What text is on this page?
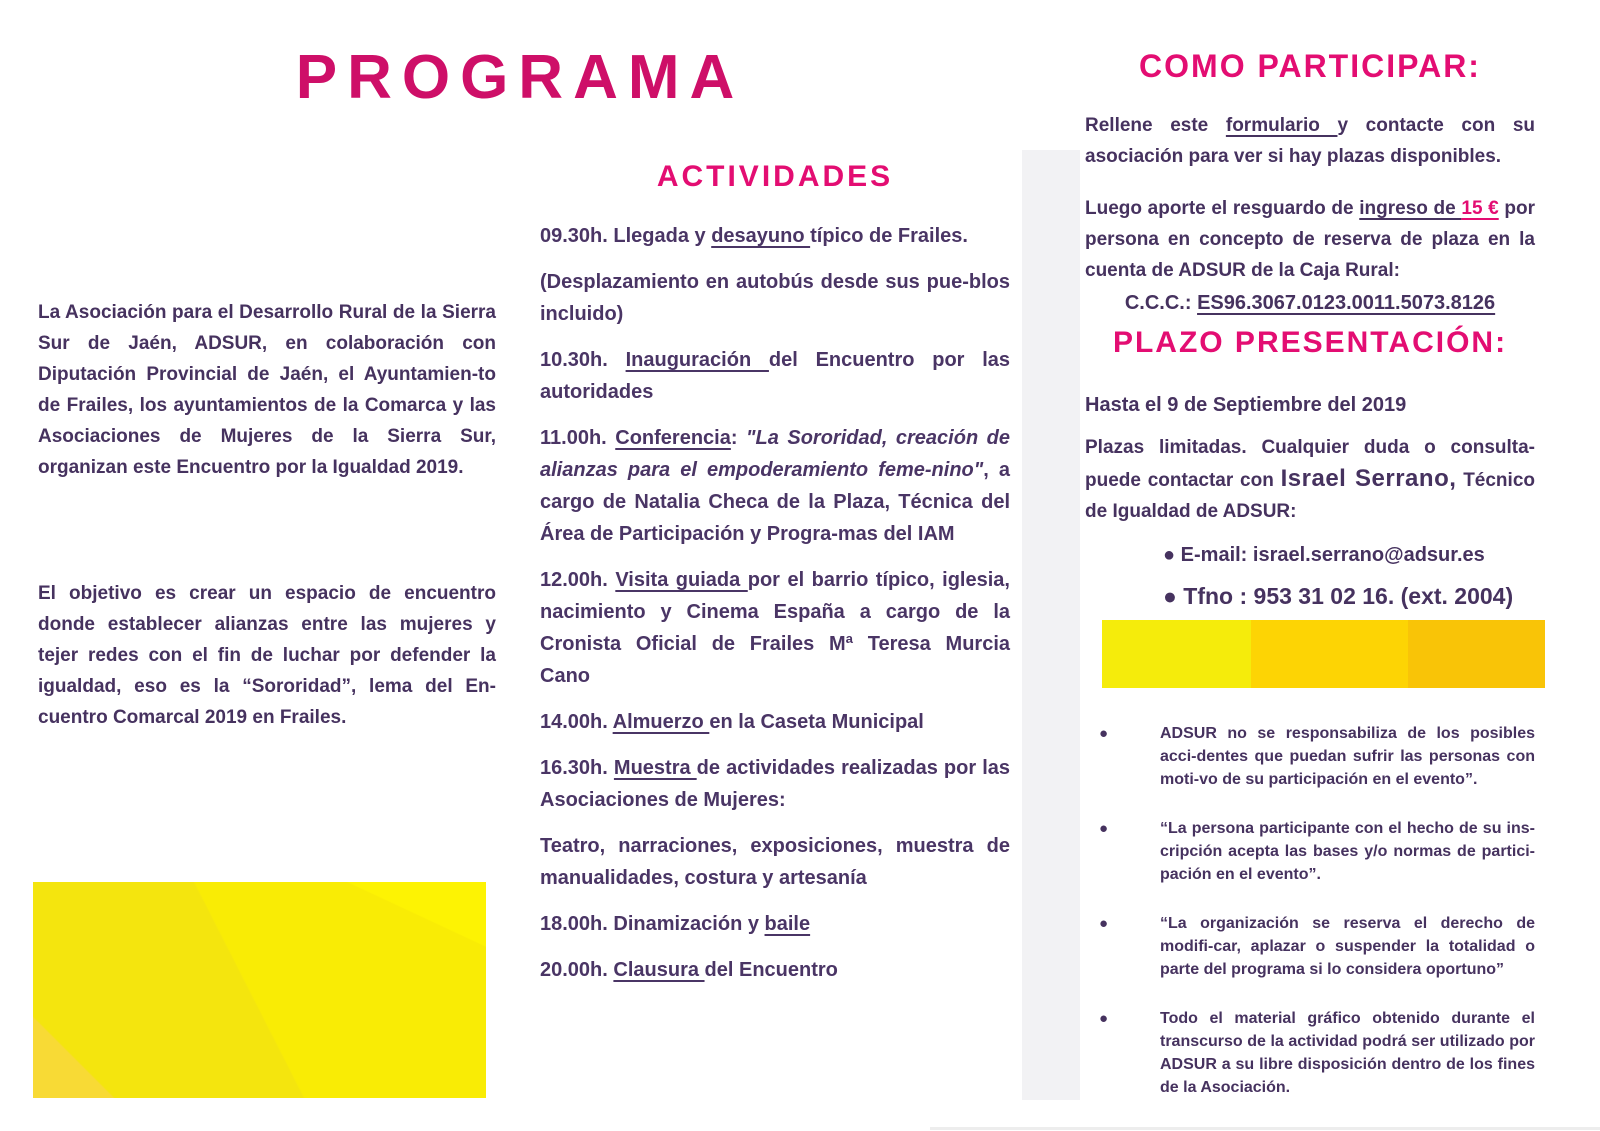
PROGRAMA

La Asociación para el Desarrollo Rural de la Sierra Sur de Jaén, ADSUR, en colaboración con Diputación Provincial de Jaén, el Ayuntamien-to de Frailes, los ayuntamientos de la Comarca y las Asociaciones de Mujeres de la Sierra Sur, organizan este Encuentro por la Igualdad 2019.

El objetivo es crear un espacio de encuentro donde establecer alianzas entre las mujeres y tejer redes con el fin de luchar por defender la igualdad, eso es la “Sororidad”, lema del En-cuentro Comarcal 2019 en Frailes.

ACTIVIDADES

09.30h. Llegada y desayuno típico de Frailes.

(Desplazamiento en autobús desde sus pue-blos incluido)

10.30h. Inauguración del Encuentro por las autoridades

11.00h. Conferencia: "La Sororidad, creación de alianzas para el empoderamiento feme-nino", a cargo de Natalia Checa de la Plaza, Técnica del Área de Participación y Progra-mas del IAM

12.00h. Visita guiada por el barrio típico, iglesia, nacimiento y Cinema España a cargo de la Cronista Oficial de Frailes Mª Teresa Murcia Cano

14.00h. Almuerzo en la Caseta Municipal

16.30h. Muestra de actividades realizadas por las Asociaciones de Mujeres:

Teatro, narraciones, exposiciones, muestra de manualidades, costura y artesanía

18.00h. Dinamización y baile

20.00h. Clausura del Encuentro

COMO PARTICIPAR:

Rellene este formulario y contacte con su asociación para ver si hay plazas disponibles.

Luego aporte el resguardo de ingreso de 15 € por persona en concepto de reserva de plaza en la cuenta de ADSUR de la Caja Rural:

C.C.C.: ES96.3067.0123.0011.5073.8126

PLAZO PRESENTACIÓN:

Hasta el 9 de Septiembre del 2019

Plazas limitadas. Cualquier duda o consulta-puede contactar con Israel Serrano, Técnico de Igualdad de ADSUR:

● E-mail: israel.serrano@adsur.es
● Tfno : 953 31 02 16. (ext. 2004)

●	ADSUR no se responsabiliza de los posibles acci-dentes que puedan sufrir las personas con moti-vo de su participación en el evento”.
●	“La persona participante con el hecho de su ins-cripción acepta las bases y/o normas de partici-pación en el evento”.
●	“La organización se reserva el derecho de modifi-car, aplazar o suspender la totalidad o parte del programa si lo considera oportuno”
●	Todo el material gráfico obtenido durante el transcurso de la actividad podrá ser utilizado por ADSUR a su libre disposición dentro de los fines de la Asociación.
